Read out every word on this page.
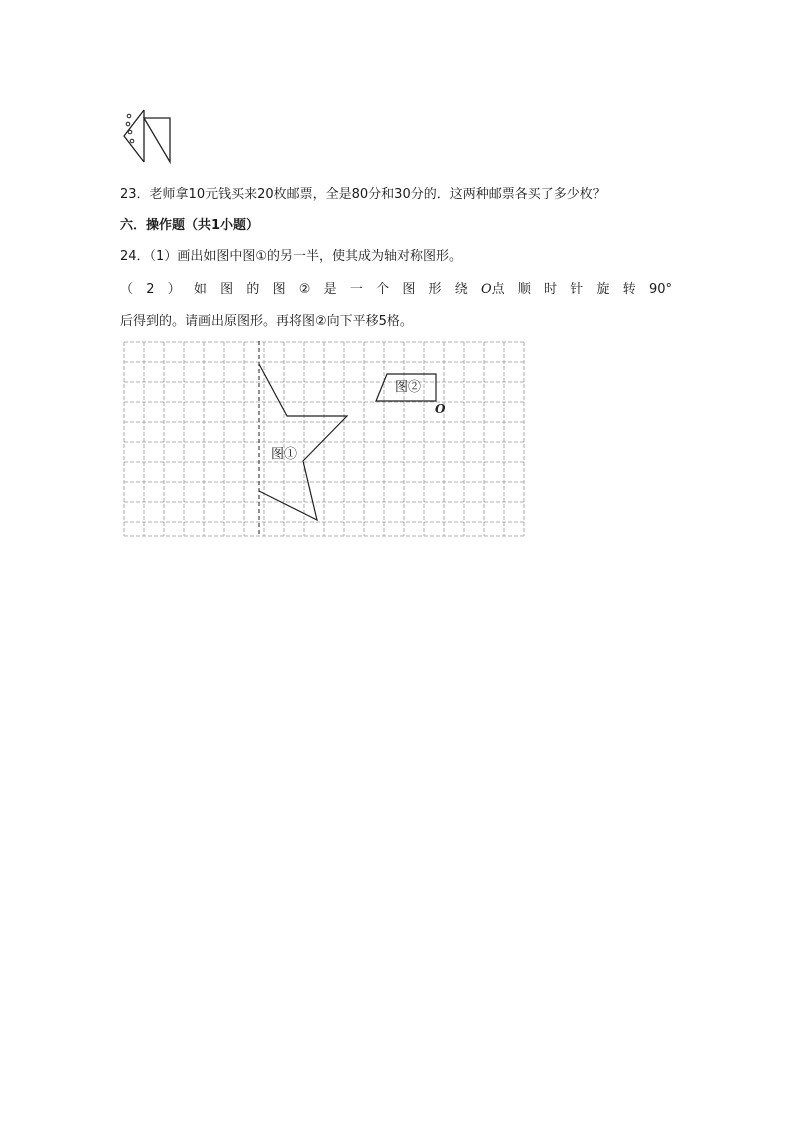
23．老师拿10元钱买来20枚邮票，全是80分和30分的．这两种邮票各买了多少枚？
六．操作题（共1小题）
24．（1）画出如图中图①的另一半，使其成为轴对称图形。
（ 2 ） 如 图 的 图 ② 是 一 个 图 形 绕 O点 顺 时 针 旋 转 90°
后得到的。请画出原图形。再将图②向下平移5格。
图①
图②
O
